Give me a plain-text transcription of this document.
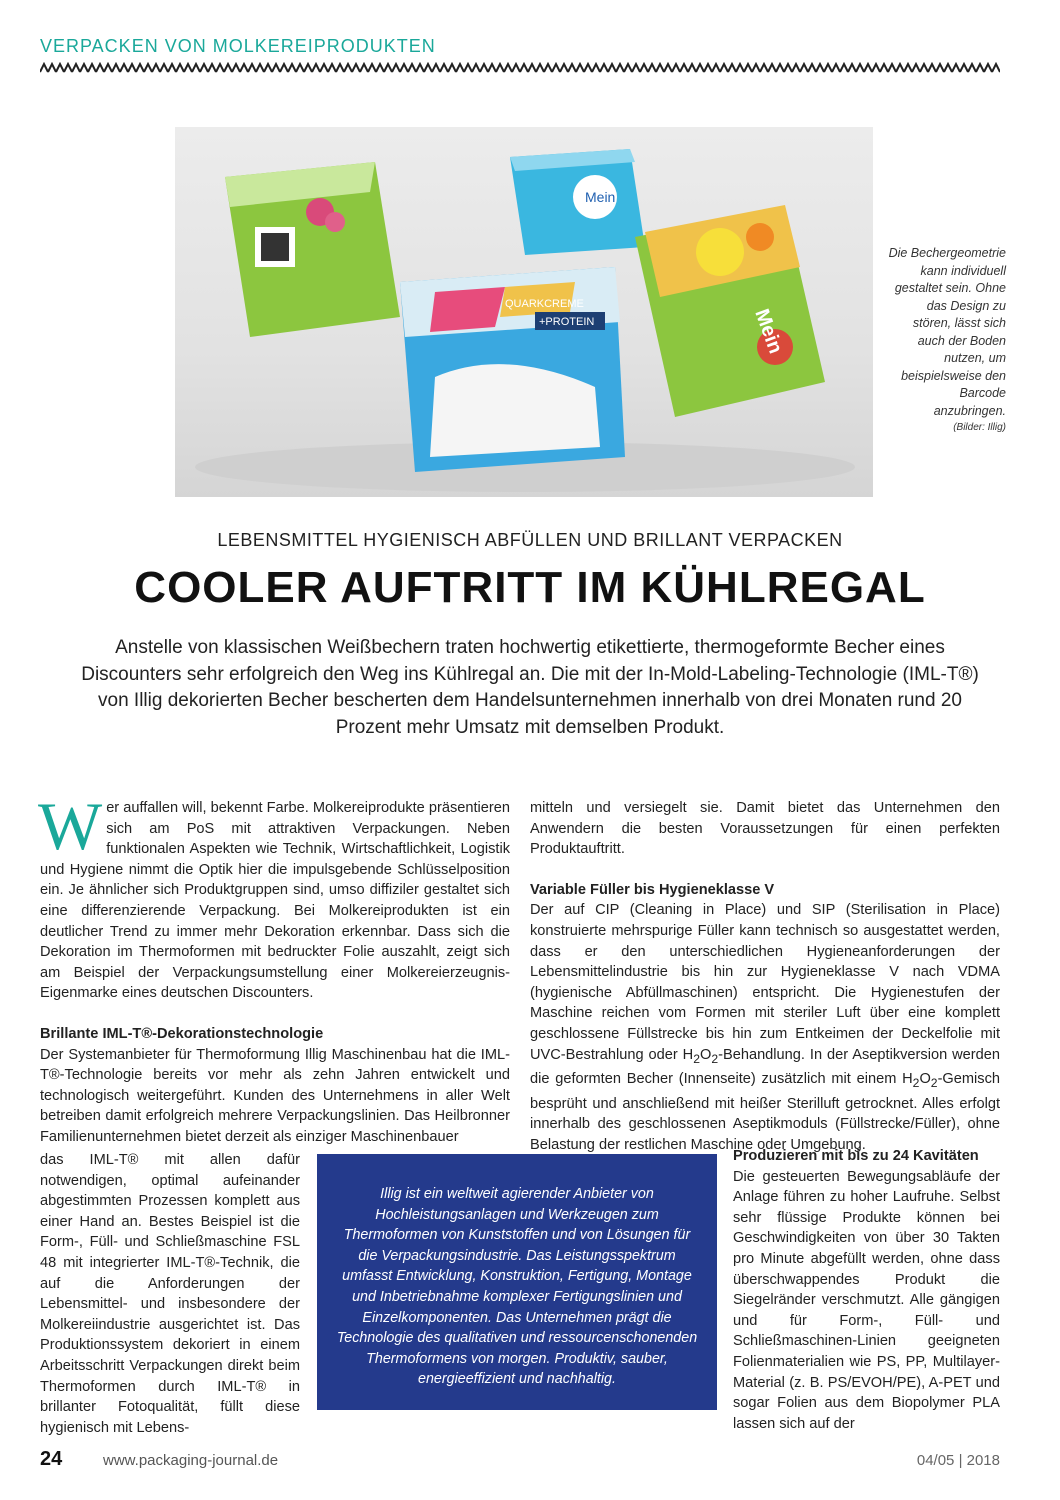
VERPACKEN VON MOLKEREIPRODUKTEN
Mein
Mein
QUARKCREME
+PROTEIN
Die Bechergeometrie kann individuell gestaltet sein. Ohne das Design zu stören, lässt sich auch der Boden nutzen, um beispielsweise den Barcode anzubringen.
(Bilder: Illig)
LEBENSMITTEL HYGIENISCH ABFÜLLEN UND BRILLANT VERPACKEN
COOLER AUFTRITT IM KÜHLREGAL
Anstelle von klassischen Weißbechern traten hochwertig etikettierte, thermogeformte Becher eines Discounters sehr erfolgreich den Weg ins Kühlregal an. Die mit der In-Mold-Labeling-Technologie (IML-T®) von Illig dekorierten Becher bescherten dem Handelsunternehmen innerhalb von drei Monaten rund 20 Prozent mehr Umsatz mit demselben Produkt.

Wer auffallen will, bekennt Farbe. Molkereiprodukte präsentieren sich am PoS mit attraktiven Verpackungen. Neben funktionalen Aspekten wie Technik, Wirtschaftlichkeit, Logistik und Hygiene nimmt die Optik hier die impulsgebende Schlüsselposition ein. Je ähnlicher sich Produktgruppen sind, umso diffiziler gestaltet sich eine differenzierende Verpackung. Bei Molkereiprodukten ist ein deutlicher Trend zu immer mehr Dekoration erkennbar. Dass sich die Dekoration im Thermoformen mit bedruckter Folie auszahlt, zeigt sich am Beispiel der Verpackungsumstellung einer Molkereierzeugnis-Eigenmarke eines deutschen Discounters.

Brillante IML-T®-Dekorationstechnologie

Der Systemanbieter für Thermoformung Illig Maschinenbau hat die IML-T®-Technologie bereits vor mehr als zehn Jahren entwickelt und technologisch weitergeführt. Kunden des Unternehmens in aller Welt betreiben damit erfolgreich mehrere Verpackungslinien. Das Heilbronner Familienunternehmen bietet derzeit als einziger Maschinenbauer

das IML-T® mit allen dafür notwendigen, optimal aufeinander abgestimmten Prozessen komplett aus einer Hand an. Bestes Beispiel ist die Form-, Füll- und Schließmaschine FSL 48 mit integrierter IML-T®-Technik, die auf die Anforderungen der Lebensmittel- und insbesondere der Molkereiindustrie ausgerichtet ist. Das Produktionssystem dekoriert in einem Arbeitsschritt Verpackungen direkt beim Thermoformen durch IML-T® in brillanter Fotoqualität, füllt diese hygienisch mit Lebens-

mitteln und versiegelt sie. Damit bietet das Unternehmen den Anwendern die besten Voraussetzungen für einen perfekten Produktauftritt.

Variable Füller bis Hygieneklasse V

Der auf CIP (Cleaning in Place) und SIP (Sterilisation in Place) konstruierte mehrspurige Füller kann technisch so ausgestattet werden, dass er den unterschiedlichen Hygieneanforderungen der Lebensmittelindustrie bis hin zur Hygieneklasse V nach VDMA (hygienische Abfüllmaschinen) entspricht. Die Hygienestufen der Maschine reichen vom Formen mit steriler Luft über eine komplett geschlossene Füllstrecke bis hin zum Entkeimen der Deckelfolie mit UVC-Bestrahlung oder $H_2O_2$-Behandlung. In der Aseptikversion werden die geformten Becher (Innenseite) zusätzlich mit einem $H_2O_2$-Gemisch besprüht und anschließend mit heißer Sterilluft getrocknet. Alles erfolgt innerhalb des geschlossenen Aseptikmoduls (Füllstrecke/Füller), ohne Belastung der restlichen Maschine oder Umgebung.

Illig ist ein weltweit agierender Anbieter von Hochleistungsanlagen und Werkzeugen zum Thermoformen von Kunststoffen und von Lösungen für die Verpackungsindustrie. Das Leistungsspektrum umfasst Entwicklung, Konstruktion, Fertigung, Montage und Inbetriebnahme komplexer Fertigungslinien und Einzelkomponenten. Das Unternehmen prägt die Technologie des qualitativen und ressourcenschonenden Thermoformens von morgen. Produktiv, sauber, energieeffizient und nachhaltig.
Produzieren mit bis zu 24 Kavitäten

Die gesteuerten Bewegungsabläufe der Anlage führen zu hoher Laufruhe. Selbst sehr flüssige Produkte können bei Geschwindigkeiten von über 30 Takten pro Minute abgefüllt werden, ohne dass überschwappendes Produkt die Siegelränder verschmutzt. Alle gängigen und für Form-, Füll- und Schließmaschinen-Linien geeigneten Folienmaterialien wie PS, PP, Multilayer-Material (z. B. PS/EVOH/PE), A-PET und sogar Folien aus dem Biopolymer PLA lassen sich auf der

24	www.packaging-journal.de	04/05 | 2018
